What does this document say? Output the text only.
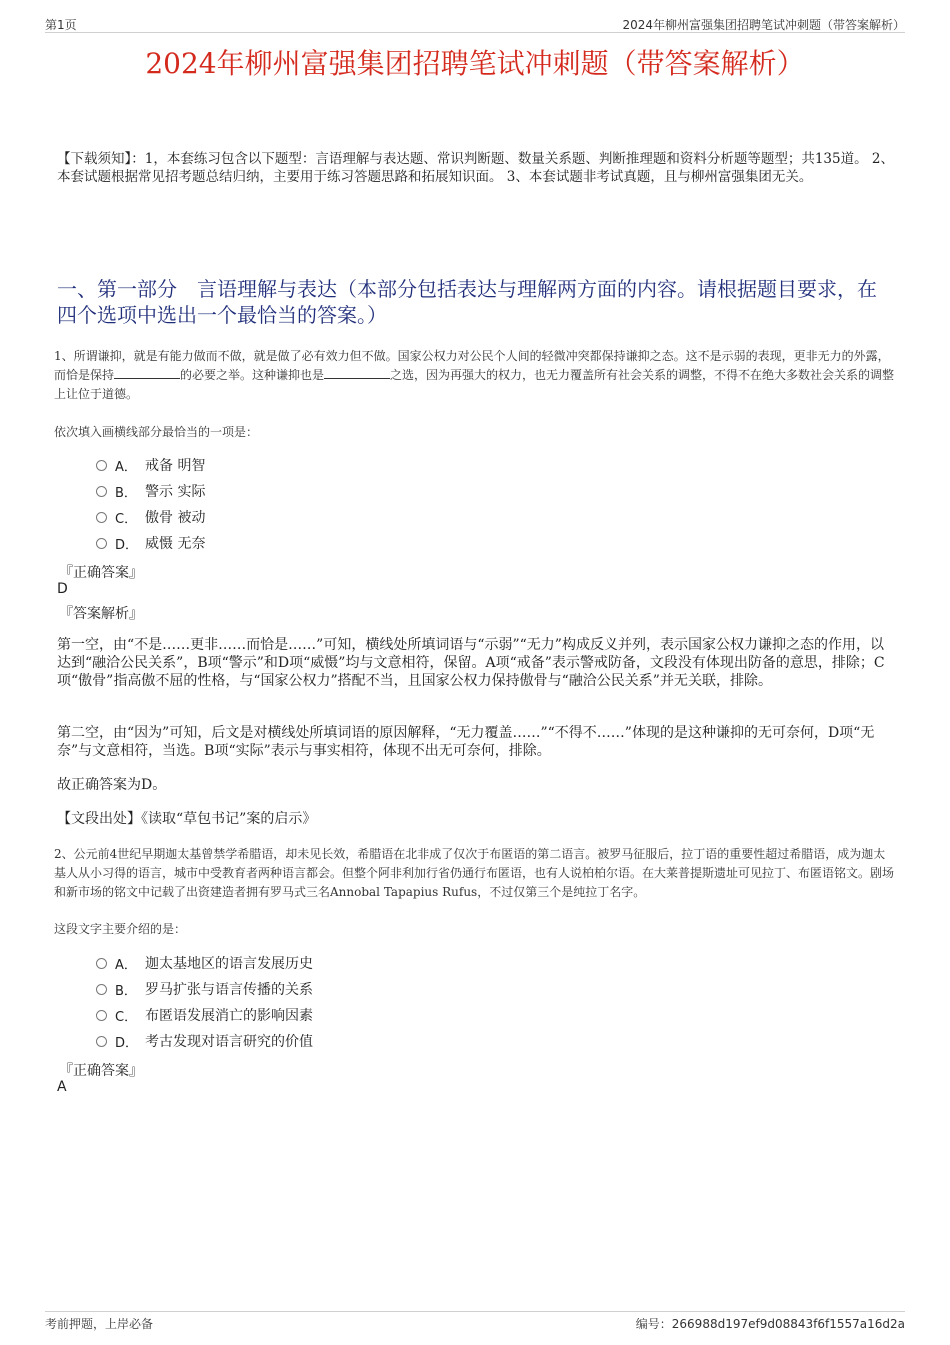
第1页	2024年柳州富强集团招聘笔试冲刺题（带答案解析）
2024年柳州富强集团招聘笔试冲刺题（带答案解析）
【下载须知】：1，本套练习包含以下题型：言语理解与表达题、常识判断题、数量关系题、判断推理题和资料分析题等题型；共135道。 2、本套试题根据常见招考题总结归纳，主要用于练习答题思路和拓展知识面。 3、本套试题非考试真题，且与柳州富强集团无关。
一、第一部分　言语理解与表达（本部分包括表达与理解两方面的内容。请根据题目要求，在四个选项中选出一个最恰当的答案。）
1、所谓谦抑，就是有能力做而不做，就是做了必有效力但不做。国家公权力对公民个人间的轻微冲突都保持谦抑之态。这不是示弱的表现，更非无力的外露，而恰是保持	的必要之举。这种谦抑也是	之选，因为再强大的权力，也无力覆盖所有社会关系的调整，不得不在绝大多数社会关系的调整上让位于道德。
依次填入画横线部分最恰当的一项是：
A． 戒备 明智
B． 警示 实际
C． 傲骨 被动
D． 威慑 无奈
『正确答案』
D
『答案解析』
第一空，由“不是……更非……而恰是……”可知，横线处所填词语与“示弱”“无力”构成反义并列，表示国家公权力谦抑之态的作用，以达到“融洽公民关系”，B项“警示”和D项“威慑”均与文意相符，保留。A项“戒备”表示警戒防备，文段没有体现出防备的意思，排除；C项“傲骨”指高傲不屈的性格，与“国家公权力”搭配不当，且国家公权力保持傲骨与“融洽公民关系”并无关联，排除。
第二空，由“因为”可知，后文是对横线处所填词语的原因解释，“无力覆盖……”“不得不……”体现的是这种谦抑的无可奈何，D项“无奈”与文意相符，当选。B项“实际”表示与事实相符，体现不出无可奈何，排除。
故正确答案为D。
【文段出处】《读取“草包书记”案的启示》
2、公元前4世纪早期迦太基曾禁学希腊语，却未见长效，希腊语在北非成了仅次于布匿语的第二语言。被罗马征服后，拉丁语的重要性超过希腊语，成为迦太基人从小习得的语言，城市中受教育者两种语言都会。但整个阿非利加行省仍通行布匿语，也有人说柏柏尔语。在大莱普提斯遗址可见拉丁、布匿语铭文。剧场和新市场的铭文中记载了出资建造者拥有罗马式三名Annobal Tapapius Rufus，不过仅第三个是纯拉丁名字。
这段文字主要介绍的是：
A． 迦太基地区的语言发展历史
B． 罗马扩张与语言传播的关系
C． 布匿语发展消亡的影响因素
D． 考古发现对语言研究的价值
『正确答案』
A
考前押题，上岸必备	编号：266988d197ef9d08843f6f1557a16d2a
